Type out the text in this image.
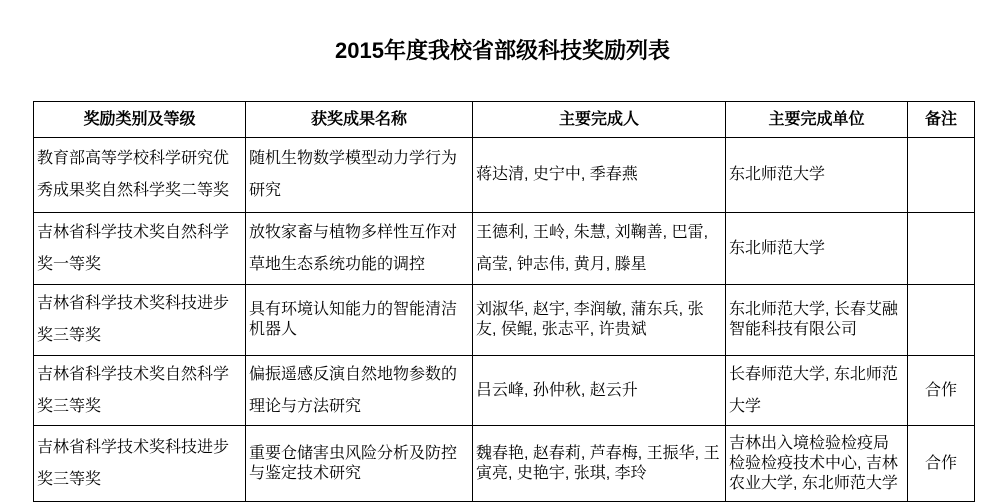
2015年度我校省部级科技奖励列表
奖励类别及等级	获奖成果名称	主要完成人	主要完成单位	备注
教育部高等学校科学研究优秀成果奖自然科学奖二等奖	随机生物数学模型动力学行为研究	蒋达清, 史宁中, 季春燕	东北师范大学	
吉林省科学技术奖自然科学奖一等奖	放牧家畜与植物多样性互作对草地生态系统功能的调控	王德利, 王岭, 朱慧, 刘鞠善, 巴雷, 高莹, 钟志伟, 黄月, 滕星	东北师范大学	
吉林省科学技术奖科技进步奖三等奖	具有环境认知能力的智能清洁机器人	刘淑华, 赵宇, 李润敏, 蒲东兵, 张友, 侯鲲, 张志平, 许贵斌	东北师范大学, 长春艾融智能科技有限公司	
吉林省科学技术奖自然科学奖三等奖	偏振遥感反演自然地物参数的理论与方法研究	吕云峰, 孙仲秋, 赵云升	长春师范大学, 东北师范大学	合作
吉林省科学技术奖科技进步奖三等奖	重要仓储害虫风险分析及防控与鉴定技术研究	魏春艳, 赵春莉, 芦春梅, 王振华, 王寅亮, 史艳宇, 张琪, 李玲	吉林出入境检验检疫局检验检疫技术中心, 吉林农业大学, 东北师范大学	合作
